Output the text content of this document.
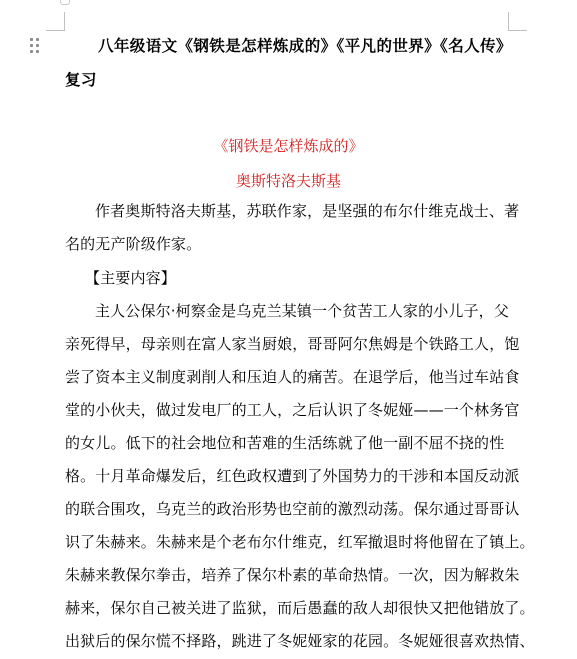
八年级语文《钢铁是怎样炼成的》《平凡的世界》《名人传》
复习
《钢铁是怎样炼成的》
奥斯特洛夫斯基
作者奥斯特洛夫斯基，苏联作家，是坚强的布尔什维克战士、著
名的无产阶级作家。
【主要内容】
主人公保尔·柯察金是乌克兰某镇一个贫苦工人家的小儿子，父
亲死得早，母亲则在富人家当厨娘，哥哥阿尔焦姆是个铁路工人，饱
尝了资本主义制度剥削人和压迫人的痛苦。在退学后，他当过车站食
堂的小伙夫，做过发电厂的工人，之后认识了冬妮娅——一个林务官
的女儿。低下的社会地位和苦难的生活练就了他一副不屈不挠的性
格。十月革命爆发后，红色政权遭到了外国势力的干涉和本国反动派
的联合围攻，乌克兰的政治形势也空前的激烈动荡。保尔通过哥哥认
识了朱赫来。朱赫来是个老布尔什维克，红军撤退时将他留在了镇上。
朱赫来教保尔拳击，培养了保尔朴素的革命热情。一次，因为解救朱
赫来，保尔自己被关进了监狱，而后愚蠢的敌人却很快又把他错放了。
出狱后的保尔慌不择路，跳进了冬妮娅家的花园。冬妮娅很喜欢热情、
